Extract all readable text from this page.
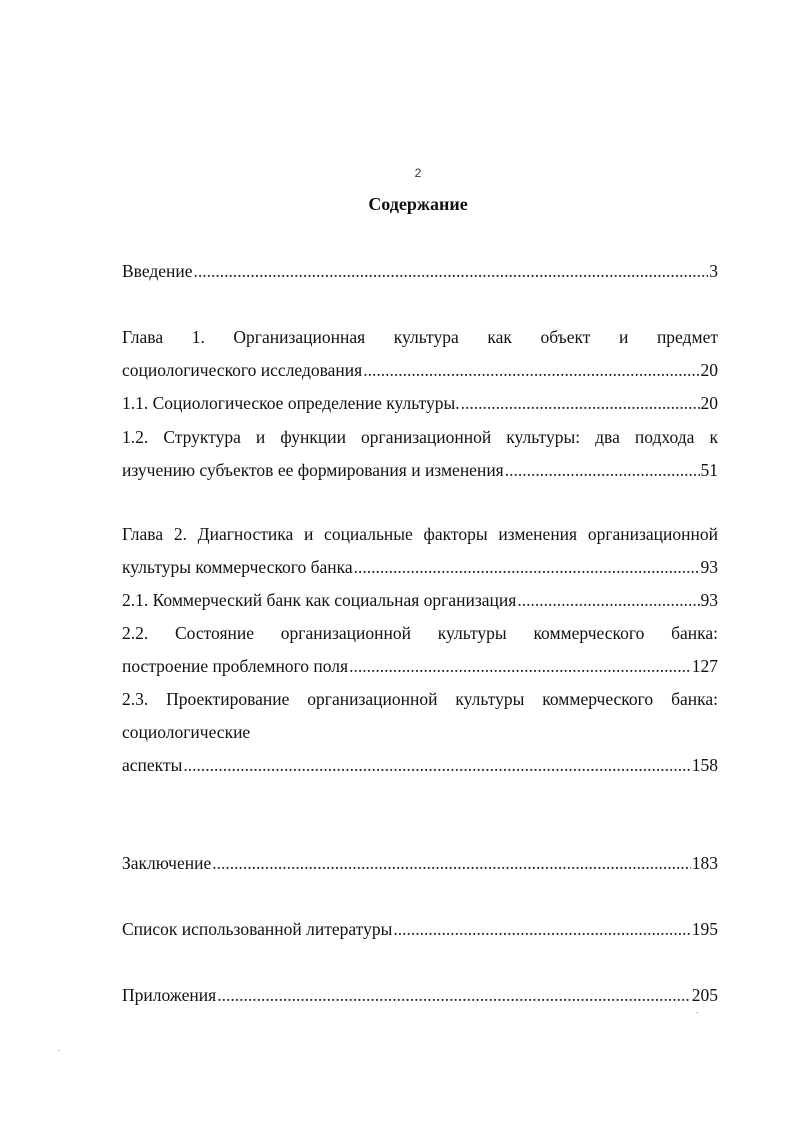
2
Содержание
Введение .....	3
Глава 1. Организационная культура как объект и предмет
социологического исследования .....	20
1.1. Социологическое определение культуры. .....	20
1.2. Структура и функции организационной культуры: два подхода к
изучению субъектов ее формирования и изменения .....	51
Глава 2. Диагностика и социальные факторы изменения организационной
культуры коммерческого банка .....	93
2.1. Коммерческий банк как социальная организация .....	93
2.2. Состояние организационной культуры коммерческого банка:
построение проблемного поля .....	127
2.3. Проектирование организационной культуры коммерческого банка:
социологические
аспекты .....	158
Заключение .....	183
Список использованной литературы .....	195
Приложения .....	205
